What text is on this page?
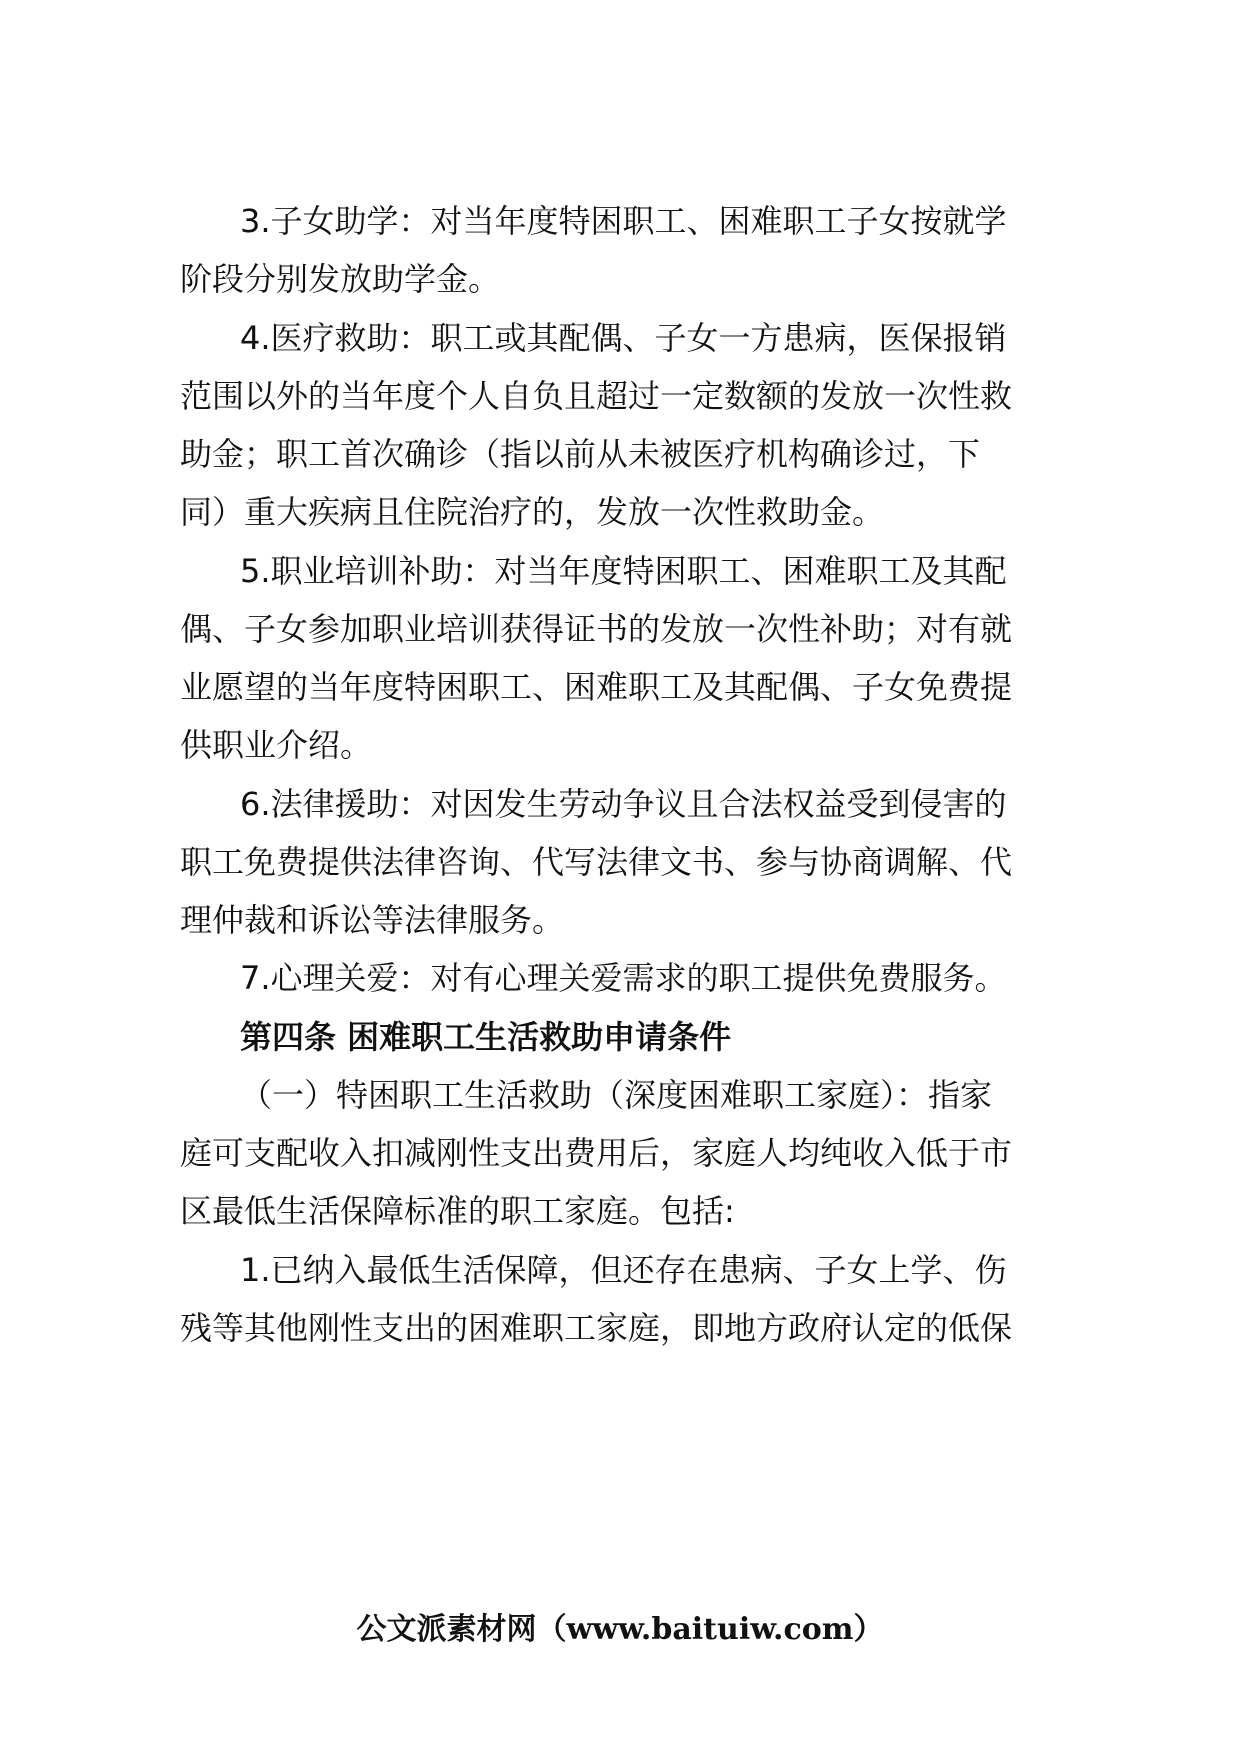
3.子女助学：对当年度特困职工、困难职工子女按就学
阶段分别发放助学金。
4.医疗救助：职工或其配偶、子女一方患病，医保报销
范围以外的当年度个人自负且超过一定数额的发放一次性救
助金；职工首次确诊（指以前从未被医疗机构确诊过，下
同）重大疾病且住院治疗的，发放一次性救助金。
5.职业培训补助：对当年度特困职工、困难职工及其配
偶、子女参加职业培训获得证书的发放一次性补助；对有就
业愿望的当年度特困职工、困难职工及其配偶、子女免费提
供职业介绍。
6.法律援助：对因发生劳动争议且合法权益受到侵害的
职工免费提供法律咨询、代写法律文书、参与协商调解、代
理仲裁和诉讼等法律服务。
7.心理关爱：对有心理关爱需求的职工提供免费服务。
第四条 困难职工生活救助申请条件
（一）特困职工生活救助（深度困难职工家庭）：指家
庭可支配收入扣减刚性支出费用后，家庭人均纯收入低于市
区最低生活保障标准的职工家庭。包括:
1.已纳入最低生活保障，但还存在患病、子女上学、伤
残等其他刚性支出的困难职工家庭，即地方政府认定的低保
公文派素材网（www.baituiw.com）
